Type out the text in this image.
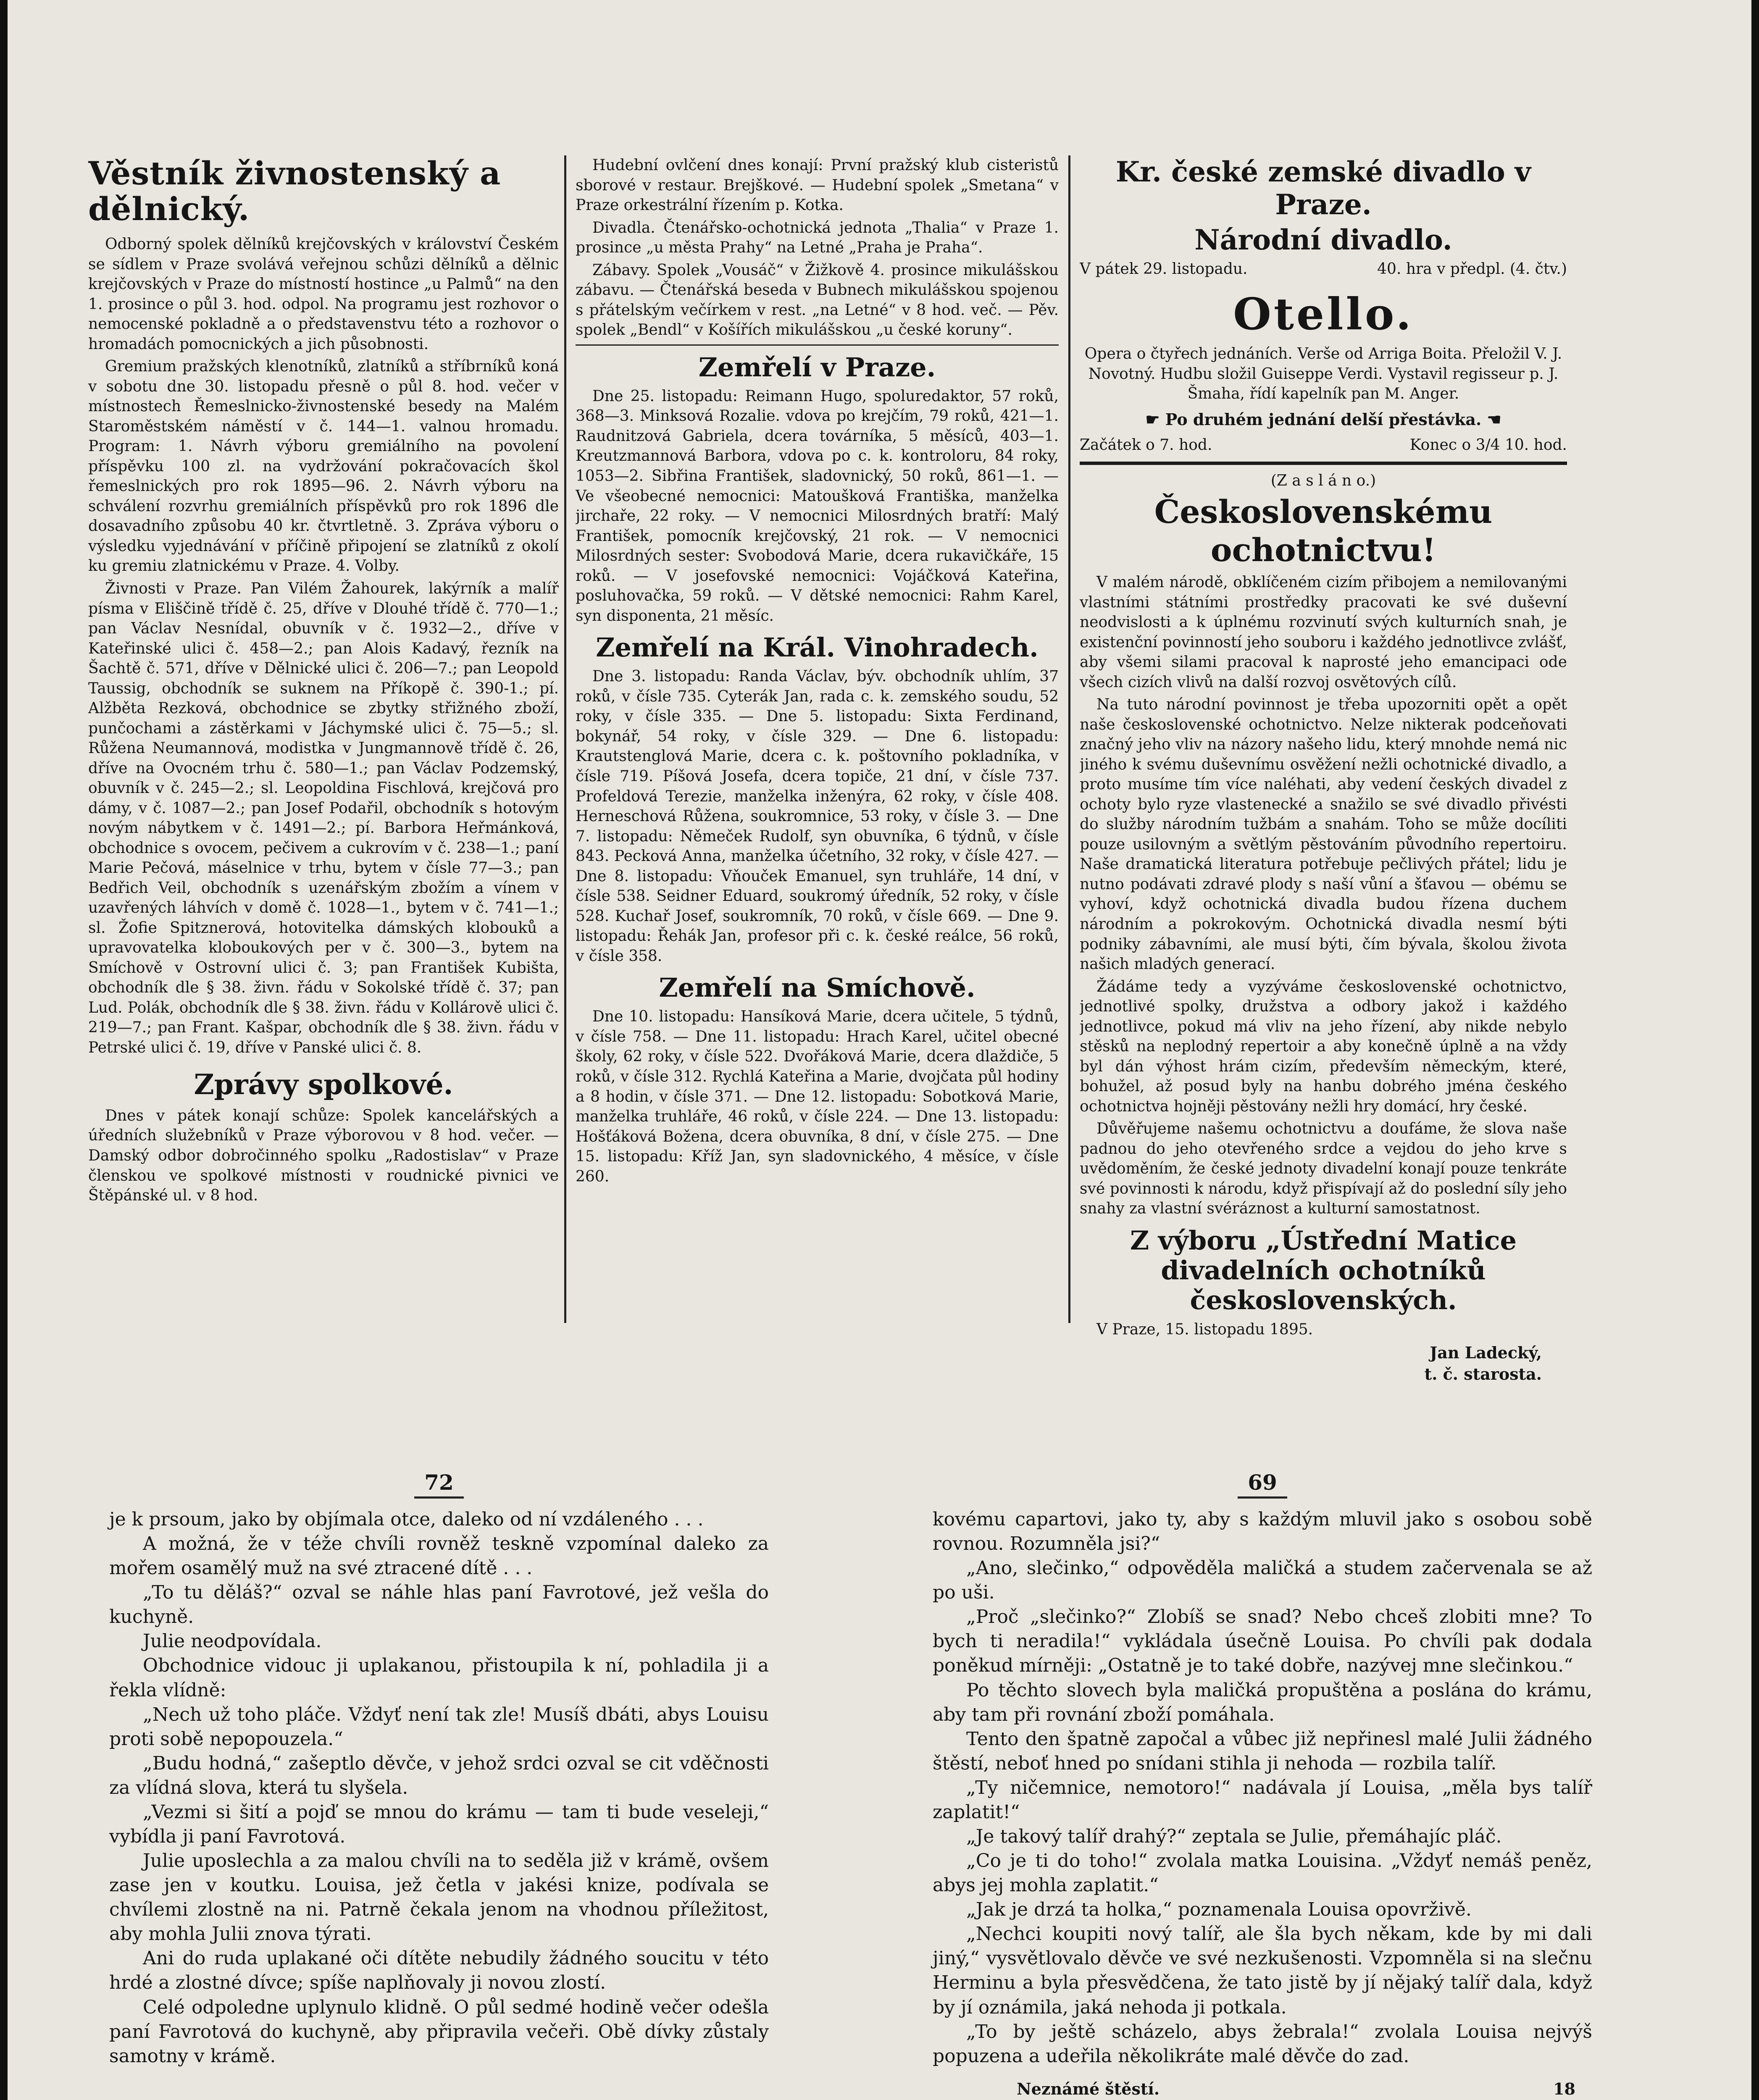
Věstník živnostenský a dělnický.

Odborný spolek dělníků krejčovských v království Českém se sídlem v Praze svolává veřejnou schůzi dělníků a dělnic krejčovských v Praze do místností hostince „u Palmů“ na den 1. prosince o půl 3. hod. odpol. Na programu jest rozhovor o nemocenské pokladně a o představenstvu této a rozhovor o hromadách pomocnických a jich působnosti.

Gremium pražských klenotníků, zlatníků a stříbrníků koná v sobotu dne 30. listopadu přesně o půl 8. hod. večer v místnostech Řemeslnicko-živnostenské besedy na Malém Staroměstském náměstí v č. 144—1. valnou hromadu. Program: 1. Návrh výboru gremiálního na povolení příspěvku 100 zl. na vydržování pokračovacích škol řemeslnických pro rok 1895—96. 2. Návrh výboru na schválení rozvrhu gremiálních příspěvků pro rok 1896 dle dosavadního způsobu 40 kr. čtvrtletně. 3. Zpráva výboru o výsledku vyjednávání v příčině připojení se zlatníků z okolí ku gremiu zlatnickému v Praze. 4. Volby.

Živnosti v Praze. Pan Vilém Žahourek, lakýrník a malíř písma v Eliščině třídě č. 25, dříve v Dlouhé třídě č. 770—1.; pan Václav Nesnídal, obuvník v č. 1932—2., dříve v Kateřinské ulici č. 458—2.; pan Alois Kadavý, řezník na Šachtě č. 571, dříve v Dělnické ulici č. 206—7.; pan Leopold Taussig, obchodník se suknem na Příkopě č. 390-1.; pí. Alžběta Rezková, obchodnice se zbytky střižného zboží, punčochami a zástěrkami v Jáchymské ulici č. 75—5.; sl. Růžena Neumannová, modistka v Jungmannově třídě č. 26, dříve na Ovocném trhu č. 580—1.; pan Václav Podzemský, obuvník v č. 245—2.; sl. Leopoldina Fischlová, krejčová pro dámy, v č. 1087—2.; pan Josef Podařil, obchodník s hotovým novým nábytkem v č. 1491—2.; pí. Barbora Heřmánková, obchodnice s ovocem, pečivem a cukrovím v č. 238—1.; paní Marie Pečová, máselnice v trhu, bytem v čísle 77—3.; pan Bedřich Veil, obchodník s uzenářským zbožím a vínem v uzavřených láhvích v domě č. 1028—1., bytem v č. 741—1.; sl. Žofie Spitznerová, hotovitelka dámských klobouků a upravovatelka kloboukových per v č. 300—3., bytem na Smíchově v Ostrovní ulici č. 3; pan František Kubišta, obchodník dle § 38. živn. řádu v Sokolské třídě č. 37; pan Lud. Polák, obchodník dle § 38. živn. řádu v Kollárově ulici č. 219—7.; pan Frant. Kašpar, obchodník dle § 38. živn. řádu v Petrské ulici č. 19, dříve v Panské ulici č. 8.

Zprávy spolkové.

Dnes v pátek konají schůze: Spolek kancelářských a úředních služebníků v Praze výborovou v 8 hod. večer. — Damský odbor dobročinného spolku „Radostislav“ v Praze členskou ve spolkové místnosti v roudnické pivnici ve Štěpánské ul. v 8 hod.

Hudební ovlčení dnes konají: První pražský klub cisteristů sborové v restaur. Brejškové. — Hudební spolek „Smetana“ v Praze orkestrální řízením p. Kotka.

Divadla. Čtenářsko-ochotnická jednota „Thalia“ v Praze 1. prosince „u města Prahy“ na Letné „Praha je Praha“.

Zábavy. Spolek „Vousáč“ v Žižkově 4. prosince mikulášskou zábavu. — Čtenářská beseda v Bubnech mikulášskou spojenou s přátelským večírkem v rest. „na Letné“ v 8 hod. več. — Pěv. spolek „Bendl“ v Košířích mikulášskou „u české koruny“.

Zemřelí v Praze.

Dne 25. listopadu: Reimann Hugo, spoluredaktor, 57 roků, 368—3. Minksová Rozalie. vdova po krejčím, 79 roků, 421—1. Raudnitzová Gabriela, dcera továrníka, 5 měsíců, 403—1. Kreutzmannová Barbora, vdova po c. k. kontroloru, 84 roky, 1053—2. Sibřina František, sladovnický, 50 roků, 861—1. — Ve všeobecné nemocnici: Matoušková Františka, manželka jirchaře, 22 roky. — V nemocnici Milosrdných bratří: Malý František, pomocník krejčovský, 21 rok. — V nemocnici Milosrdných sester: Svobodová Marie, dcera rukavičkáře, 15 roků. — V josefovské nemocnici: Vojáčková Kateřina, posluhovačka, 59 roků. — V dětské nemocnici: Rahm Karel, syn disponenta, 21 měsíc.

Zemřelí na Král. Vinohradech.

Dne 3. listopadu: Randa Václav, býv. obchodník uhlím, 37 roků, v čísle 735. Cyterák Jan, rada c. k. zemského soudu, 52 roky, v čísle 335. — Dne 5. listopadu: Sixta Ferdinand, bokynář, 54 roky, v čísle 329. — Dne 6. listopadu: Krautstenglová Marie, dcera c. k. poštovního pokladníka, v čísle 719. Píšová Josefa, dcera topiče, 21 dní, v čísle 737. Profeldová Terezie, manželka inženýra, 62 roky, v čísle 408. Herneschová Růžena, soukromnice, 53 roky, v čísle 3. — Dne 7. listopadu: Němeček Rudolf, syn obuvníka, 6 týdnů, v čísle 843. Pecková Anna, manželka účetního, 32 roky, v čísle 427. — Dne 8. listopadu: Vňouček Emanuel, syn truhláře, 14 dní, v čísle 538. Seidner Eduard, soukromý úředník, 52 roky, v čísle 528. Kuchař Josef, soukromník, 70 roků, v čísle 669. — Dne 9. listopadu: Řehák Jan, profesor při c. k. české reálce, 56 roků, v čísle 358.

Zemřelí na Smíchově.

Dne 10. listopadu: Hansíková Marie, dcera učitele, 5 týdnů, v čísle 758. — Dne 11. listopadu: Hrach Karel, učitel obecné školy, 62 roky, v čísle 522. Dvořáková Marie, dcera dlaždiče, 5 roků, v čísle 312. Rychlá Kateřina a Marie, dvojčata půl hodiny a 8 hodin, v čísle 371. — Dne 12. listopadu: Sobotková Marie, manželka truhláře, 46 roků, v čísle 224. — Dne 13. listopadu: Hošťáková Božena, dcera obuvníka, 8 dní, v čísle 275. — Dne 15. listopadu: Kříž Jan, syn sladovnického, 4 měsíce, v čísle 260.

Kr. české zemské divadlo v Praze.
Národní divadlo.
V pátek 29. listopadu.	40. hra v předpl. (4. čtv.)
Otello.

Opera o čtyřech jednáních. Verše od Arriga Boita. Přeložil V. J. Novotný. Hudbu složil Guiseppe Verdi. Vystavil regisseur p. J. Šmaha, řídí kapelník pan M. Anger.

☛ Po druhém jednání delší přestávka. ☚
Začátek o 7. hod.	Konec o 3/4 10. hod.

(Z a s l á n o.)

Československému ochotnictvu!

V malém národě, obklíčeném cizím přibojem a nemilovanými vlastními státními prostředky pracovati ke své duševní neodvislosti a k úplnému rozvinutí svých kulturních snah, je existenční povinností jeho souboru i každého jednotlivce zvlášť, aby všemi silami pracoval k naprosté jeho emancipaci ode všech cizích vlivů na další rozvoj osvětových cílů.

Na tuto národní povinnost je třeba upozorniti opět a opět naše československé ochotnictvo. Nelze nikterak podceňovati značný jeho vliv na názory našeho lidu, který mnohde nemá nic jiného k svému duševnímu osvěžení nežli ochotnické divadlo, a proto musíme tím více naléhati, aby vedení českých divadel z ochoty bylo ryze vlastenecké a snažilo se své divadlo přivésti do služby národním tužbám a snahám. Toho se může docíliti pouze usilovným a světlým pěstováním původního repertoiru. Naše dramatická literatura potřebuje pečlivých přátel; lidu je nutno podávati zdravé plody s naší vůní a šťavou — obému se vyhoví, když ochotnická divadla budou řízena duchem národním a pokrokovým. Ochotnická divadla nesmí býti podniky zábavními, ale musí býti, čím bývala, školou života našich mladých generací.

Žádáme tedy a vyzýváme československé ochotnictvo, jednotlivé spolky, družstva a odbory jakož i každého jednotlivce, pokud má vliv na jeho řízení, aby nikde nebylo stěsků na neplodný repertoir a aby konečně úplně a na vždy byl dán výhost hrám cizím, především německým, které, bohužel, až posud byly na hanbu dobrého jména českého ochotnictva hojněji pěstovány nežli hry domácí, hry české.

Důvěřujeme našemu ochotnictvu a doufáme, že slova naše padnou do jeho otevřeného srdce a vejdou do jeho krve s uvědoměním, že české jednoty divadelní konají pouze tenkráte své povinnosti k národu, když přispívají až do poslední síly jeho snahy za vlastní svéráznost a kulturní samostatnost.

Z výboru „Ústřední Matice divadelních ochotníků československých.

V Praze, 15. listopadu 1895.

Jan Ladecký,
t. č. starosta.
72

je k prsoum, jako by objímala otce, daleko od ní vzdáleného . . .

A možná, že v téže chvíli rovněž teskně vzpomínal daleko za mořem osamělý muž na své ztracené dítě . . .

„To tu děláš?“ ozval se náhle hlas paní Favrotové, jež vešla do kuchyně.

Julie neodpovídala.

Obchodnice vidouc ji uplakanou, přistoupila k ní, pohladila ji a řekla vlídně:

„Nech už toho pláče. Vždyť není tak zle! Musíš dbáti, abys Louisu proti sobě nepopouzela.“

„Budu hodná,“ zašeptlo děvče, v jehož srdci ozval se cit vděčnosti za vlídná slova, která tu slyšela.

„Vezmi si šití a pojď se mnou do krámu — tam ti bude veseleji,“ vybídla ji paní Favrotová.

Julie uposlechla a za malou chvíli na to seděla již v krámě, ovšem zase jen v koutku. Louisa, jež četla v jakési knize, podívala se chvílemi zlostně na ni. Patrně čekala jenom na vhodnou příležitost, aby mohla Julii znova týrati.

Ani do ruda uplakané oči dítěte nebudily žádného soucitu v této hrdé a zlostné dívce; spíše naplňovaly ji novou zlostí.

Celé odpoledne uplynulo klidně. O půl sedmé hodině večer odešla paní Favrotová do kuchyně, aby připravila večeři. Obě dívky zůstaly samotny v krámě.

69

kovému capartovi, jako ty, aby s každým mluvil jako s osobou sobě rovnou. Rozumněla jsi?“

„Ano, slečinko,“ odpověděla maličká a studem začervenala se až po uši.

„Proč „slečinko?“ Zlobíš se snad? Nebo chceš zlobiti mne? To bych ti neradila!“ vykládala úsečně Louisa. Po chvíli pak dodala poněkud mírněji: „Ostatně je to také dobře, nazývej mne slečinkou.“

Po těchto slovech byla maličká propuštěna a poslána do krámu, aby tam při rovnání zboží pomáhala.

Tento den špatně započal a vůbec již nepřinesl malé Julii žádného štěstí, neboť hned po snídani stihla ji nehoda — rozbila talíř.

„Ty ničemnice, nemotoro!“ nadávala jí Louisa, „měla bys talíř zaplatit!“

„Je takový talíř drahý?“ zeptala se Julie, přemáhajíc pláč.

„Co je ti do toho!“ zvolala matka Louisina. „Vždyť nemáš peněz, abys jej mohla zaplatit.“

„Jak je drzá ta holka,“ poznamenala Louisa opovrživě.

„Nechci koupiti nový talíř, ale šla bych někam, kde by mi dali jiný,“ vysvětlovalo děvče ve své nezkušenosti. Vzpomněla si na slečnu Herminu a byla přesvědčena, že tato jistě by jí nějaký talíř dala, když by jí oznámila, jaká nehoda ji potkala.

„To by ještě scházelo, abys žebrala!“ zvolala Louisa nejvýš popuzena a udeřila několikráte malé děvče do zad.

Neznámé štěstí.	18
